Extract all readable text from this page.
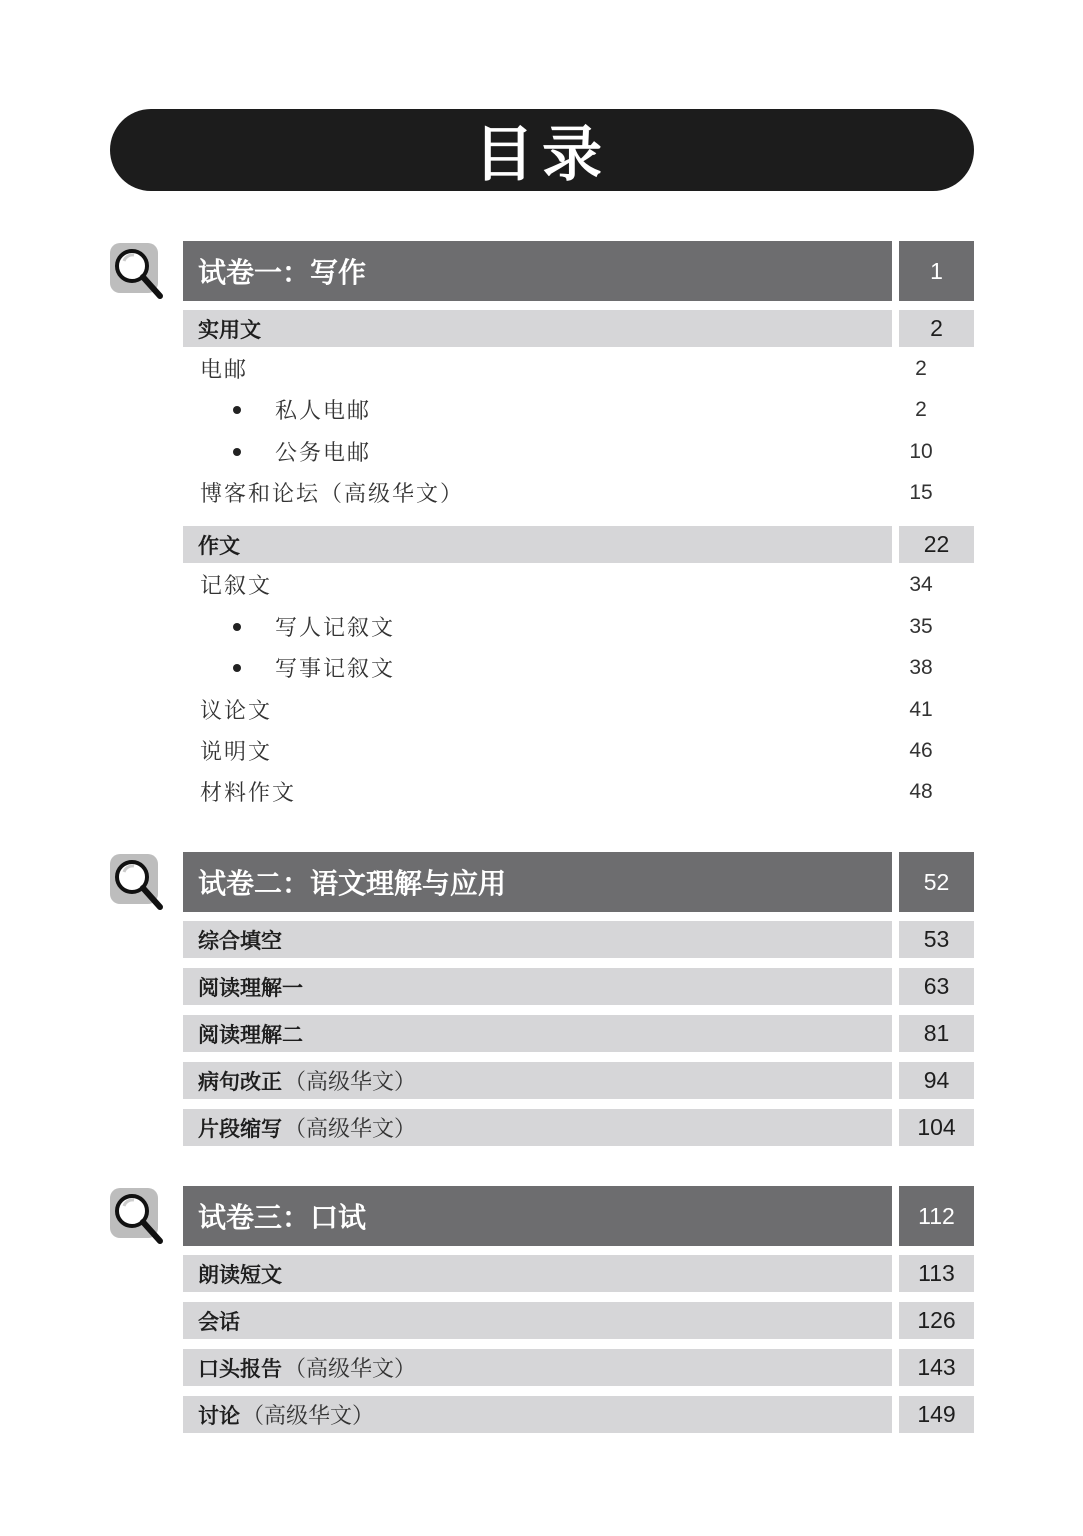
目录
试卷一：写作	1
实用文	2
电邮	2
私人电邮	2
公务电邮	10
博客和论坛（高级华文）	15
作文	22
记叙文	34
写人记叙文	35
写事记叙文	38
议论文	41
说明文	46
材料作文	48
试卷二：语文理解与应用	52
综合填空	53
阅读理解一	63
阅读理解二	81
病句改正 （高级华文）	94
片段缩写 （高级华文）	104
试卷三：口试	112
朗读短文	113
会话	126
口头报告 （高级华文）	143
讨论 （高级华文）	149
